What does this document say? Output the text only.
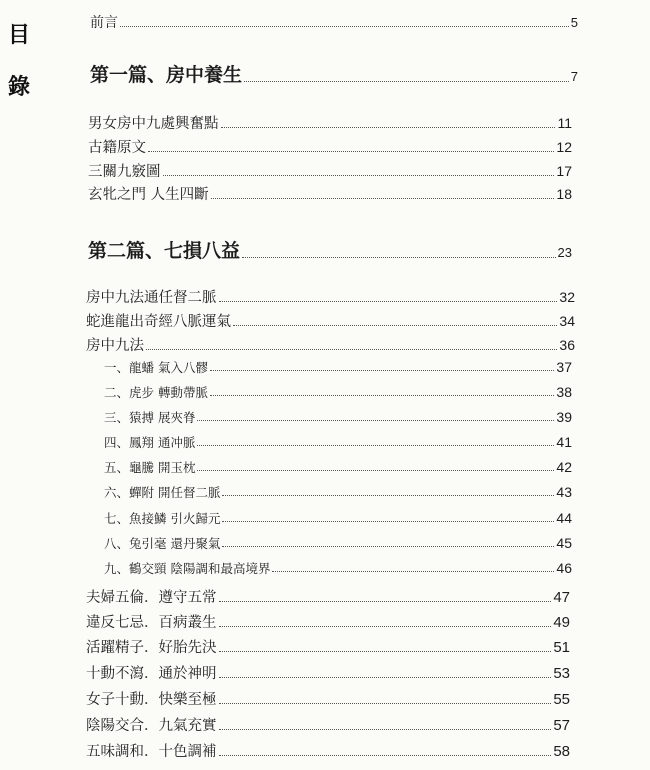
目
錄
前言	5
第一篇、房中養生	7
男女房中九處興奮點	11
古籍原文	12
三關九竅圖	17
玄牝之門 人生四斷	18
第二篇、七損八益	23
房中九法通任督二脈	32
蛇進龍出奇經八脈運氣	34
房中九法	36
一、龍蟠 氣入八髎	37
二、虎步 轉動帶脈	38
三、猿搏 展夾脊	39
四、鳳翔 通冲脈	41
五、龜騰 開玉枕	42
六、蟬附 開任督二脈	43
七、魚接鱗 引火歸元	44
八、兔引毫 還丹聚氣	45
九、鶴交頸 陰陽調和最高境界	46
夫婦五倫．遵守五常	47
違反七忌．百病叢生	49
活躍精子．好胎先決	51
十動不瀉．通於神明	53
女子十動．快樂至極	55
陰陽交合．九氣充實	57
五味調和．十色調補	58
